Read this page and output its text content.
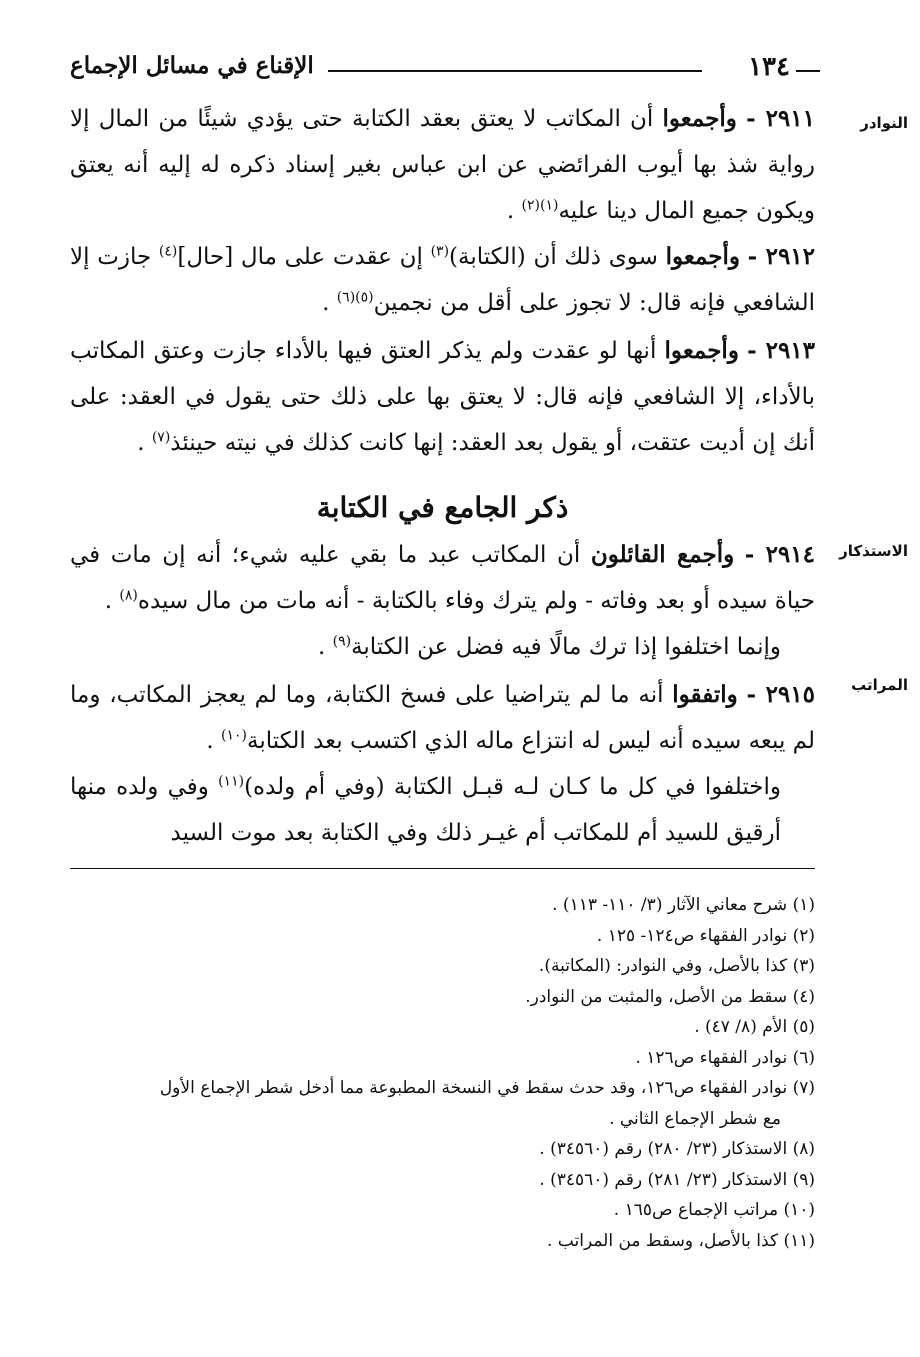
١٣٤
الإقناع في مسائل الإجماع
النوادر
الاستذكار
المراتب

٢٩١١ - وأجمعوا أن المكاتب لا يعتق بعقد الكتابة حتى يؤدي شيئًا من المال إلا رواية شذ بها أيوب الفرائضي عن ابن عباس بغير إسناد ذكره له إليه أنه يعتق ويكون جميع المال دينا عليه$^{(١)(٢)}$ .

٢٩١٢ - وأجمعوا سوى ذلك أن (الكتابة)$^{(٣)}$ إن عقدت على مال [حال]$^{(٤)}$ جازت إلا الشافعي فإنه قال: لا تجوز على أقل من نجمين$^{(٥)(٦)}$ .

٢٩١٣ - وأجمعوا أنها لو عقدت ولم يذكر العتق فيها بالأداء جازت وعتق المكاتب بالأداء، إلا الشافعي فإنه قال: لا يعتق بها على ذلك حتى يقول في العقد: على أنك إن أديت عتقت، أو يقول بعد العقد: إنها كانت كذلك في نيته حينئذ$^{(٧)}$ .

ذكر الجامع في الكتابة

٢٩١٤ - وأجمع القائلون أن المكاتب عبد ما بقي عليه شيء؛ أنه إن مات في حياة سيده أو بعد وفاته - ولم يترك وفاء بالكتابة - أنه مات من مال سيده$^{(٨)}$ .

وإنما اختلفوا إذا ترك مالًا فيه فضل عن الكتابة$^{(٩)}$ .

٢٩١٥ - واتفقوا أنه ما لم يتراضيا على فسخ الكتابة، وما لم يعجز المكاتب، وما لم يبعه سيده أنه ليس له انتزاع ماله الذي اكتسب بعد الكتابة$^{(١٠)}$ .

واختلفوا في كل ما كـان لـه قبـل الكتابة (وفي أم ولده)$^{(١١)}$ وفي ولده منها أرقيق للسيد أم للمكاتب أم غيـر ذلك وفي الكتابة بعد موت السيد

(١) شرح معاني الآثار (٣/ ١١٠- ١١٣) .

(٢) نوادر الفقهاء ص١٢٤- ١٢٥ .

(٣) كذا بالأصل، وفي النوادر: (المكاتبة).

(٤) سقط من الأصل، والمثبت من النوادر.

(٥) الأم (٨/ ٤٧) .

(٦) نوادر الفقهاء ص١٢٦ .

(٧) نوادر الفقهاء ص١٢٦، وقد حدث سقط في النسخة المطبوعة مما أدخل شطر الإجماع الأول

مع شطر الإجماع الثاني .

(٨) الاستذكار (٢٣/ ٢٨٠) رقم (٣٤٥٦٠) .

(٩) الاستذكار (٢٣/ ٢٨١) رقم (٣٤٥٦٠) .

(١٠) مراتب الإجماع ص١٦٥ .

(١١) كذا بالأصل، وسقط من المراتب .
